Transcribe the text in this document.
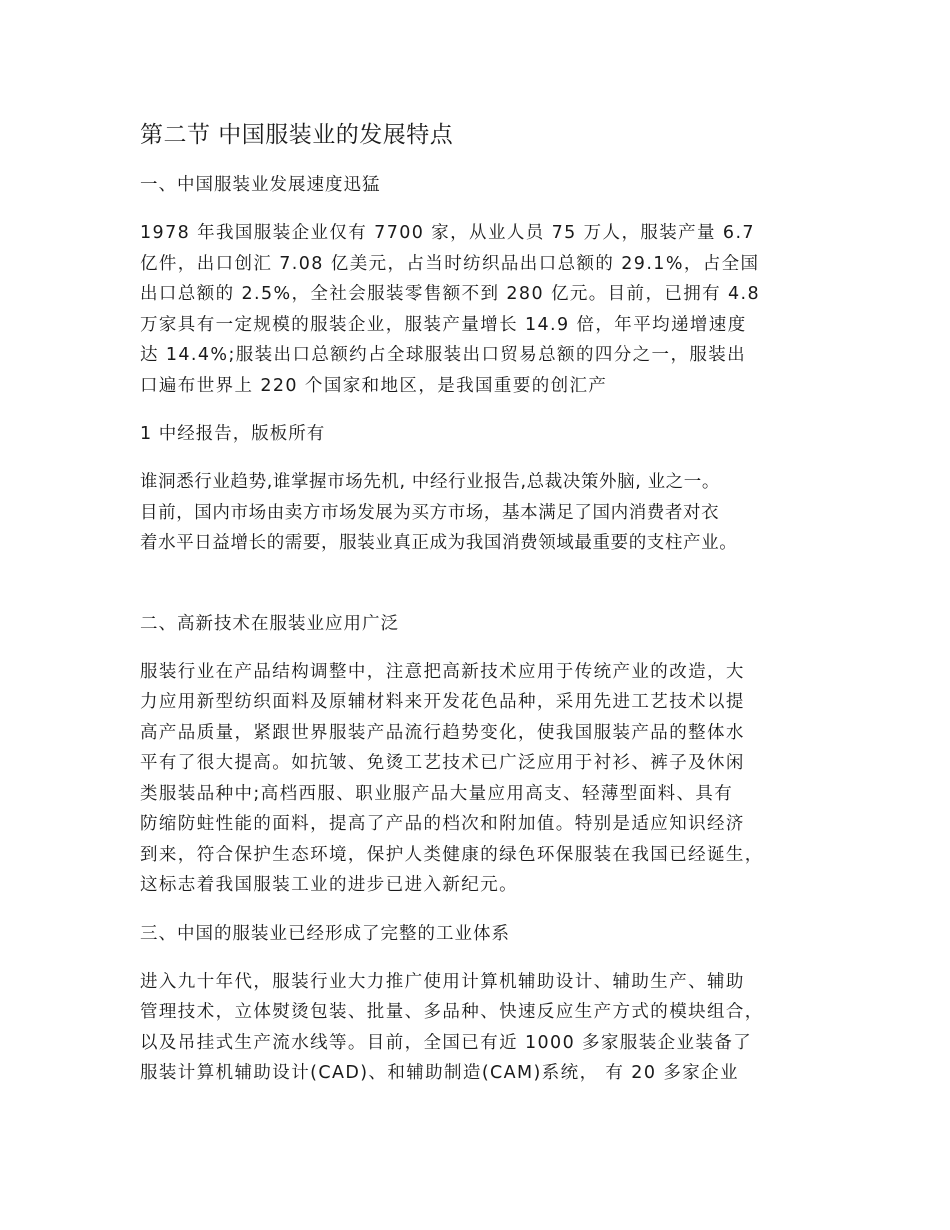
第二节 中国服装业的发展特点
一、中国服装业发展速度迅猛
1978 年我国服装企业仅有 7700 家，从业人员 75 万人，服装产量 6.7
亿件，出口创汇 7.08 亿美元，占当时纺织品出口总额的 29.1%，占全国
出口总额的 2.5%，全社会服装零售额不到 280 亿元。目前，已拥有 4.8
万家具有一定规模的服装企业，服装产量增长 14.9 倍，年平均递增速度
达 14.4%;服装出口总额约占全球服装出口贸易总额的四分之一，服装出
口遍布世界上 220 个国家和地区，是我国重要的创汇产
1 中经报告，版板所有
谁洞悉行业趋势,谁掌握市场先机, 中经行业报告,总裁决策外脑, 业之一。
目前，国内市场由卖方市场发展为买方市场，基本满足了国内消费者对衣
着水平日益增长的需要，服装业真正成为我国消费领域最重要的支柱产业。
二、高新技术在服装业应用广泛
服装行业在产品结构调整中，注意把高新技术应用于传统产业的改造，大
力应用新型纺织面料及原辅材料来开发花色品种，采用先进工艺技术以提
高产品质量，紧跟世界服装产品流行趋势变化，使我国服装产品的整体水
平有了很大提高。如抗皱、免烫工艺技术已广泛应用于衬衫、裤子及休闲
类服装品种中;高档西服、职业服产品大量应用高支、轻薄型面料、具有
防缩防蛀性能的面料，提高了产品的档次和附加值。特别是适应知识经济
到来，符合保护生态环境，保护人类健康的绿色环保服装在我国已经诞生，
这标志着我国服装工业的进步已进入新纪元。
三、中国的服装业已经形成了完整的工业体系
进入九十年代，服装行业大力推广使用计算机辅助设计、辅助生产、辅助
管理技术，立体熨烫包装、批量、多品种、快速反应生产方式的模块组合，
以及吊挂式生产流水线等。目前，全国已有近 1000 多家服装企业装备了
服装计算机辅助设计(CAD)、和辅助制造(CAM)系统， 有 20 多家企业
